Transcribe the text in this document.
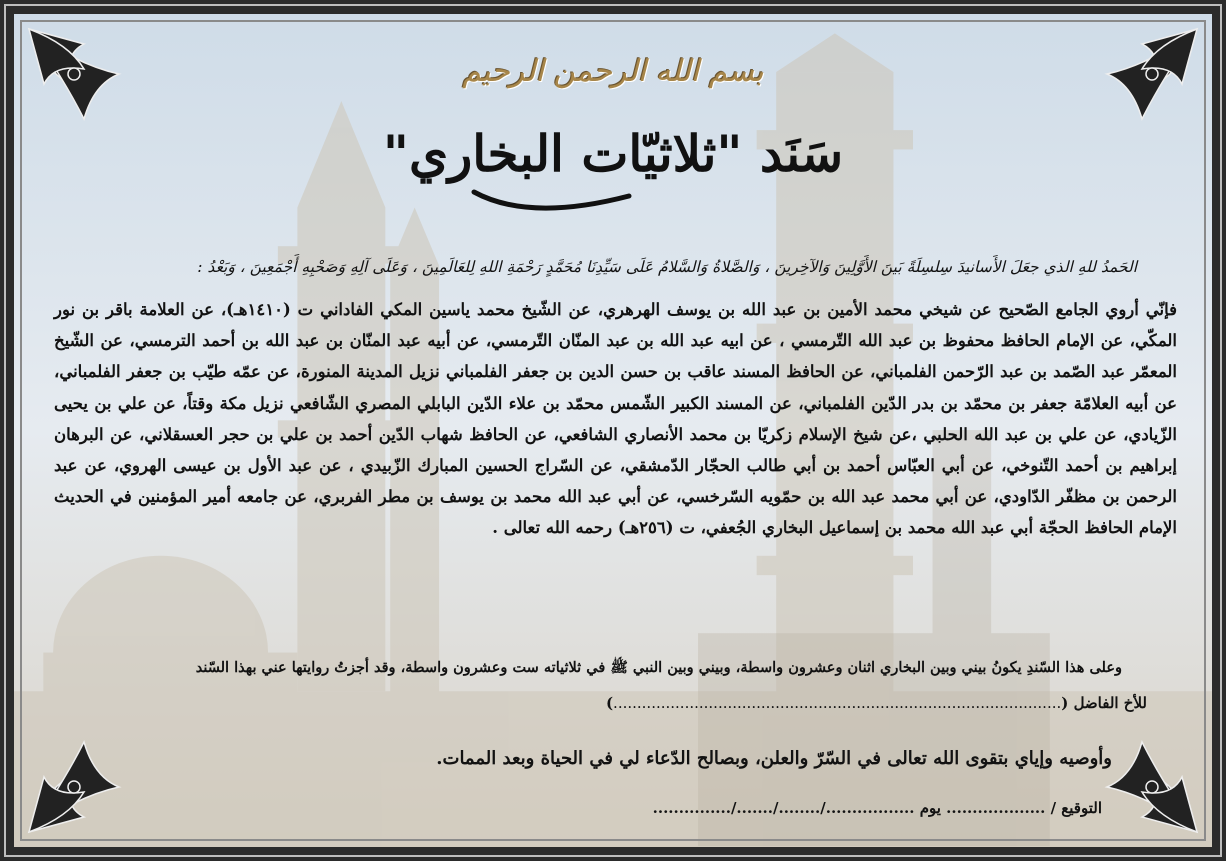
بسم الله الرحمن الرحيم
سَنَد "ثلاثيّات البخاري"
الحَمدُ للهِ الذي جعَلَ الأَسانيدَ سِلسِلَةً بَينَ الأَوَّلِينَ وَالآخِرينَ ، وَالصَّلاةُ وَالسَّلامُ عَلَى سَيِّدِنَا مُحَمَّدٍ رَحْمَةِ اللهِ لِلعَالَمِينَ ، وَعَلَى آلِهِ وَصَحْبِهِ أَجْمَعِينَ ، وَبَعْدُ :
فإنّي أروي الجامع الصّحيح عن شيخي محمد الأمين بن عبد الله بن يوسف الهرهري، عن الشّيخ محمد ياسين المكي الفاداني ت (١٤١٠هـ)، عن العلامة باقر بن نور المكّي، عن الإمام الحافظ محفوظ بن عبد الله التّرمسي ، عن ابيه عبد الله بن عبد المنّان التّرمسي، عن أبيه عبد المنّان بن عبد الله بن أحمد الترمسي، عن الشّيخ المعمّر عبد الصّمد بن عبد الرّحمن الفلمباني، عن الحافظ المسند عاقب بن حسن الدين بن جعفر الفلمباني نزيل المدينة المنورة، عن عمّه طيّب بن جعفر الفلمباني، عن أبيه العلامّة جعفر بن محمّد بن بدر الدّين الفلمباني، عن المسند الكبير الشّمس محمّد بن علاء الدّين البابلي المصري الشّافعي نزيل مكة وقتاً، عن علي بن يحيى الزّيادي، عن علي بن عبد الله الحلبي ،عن شيخ الإسلام زكريّا بن محمد الأنصاري الشافعي، عن الحافظ شهاب الدّين أحمد بن علي بن حجر العسقلاني، عن البرهان إبراهيم بن أحمد التّنوخي، عن أبي العبّاس أحمد بن أبي طالب الحجّار الدّمشقي، عن السّراج الحسين المبارك الزّبيدي ، عن عبد الأول بن عيسى الهروي، عن عبد الرحمن بن مظفّر الدّاودي، عن أبي محمد عبد الله بن حمّويه السّرخسي، عن أبي عبد الله محمد بن يوسف بن مطر الفربري، عن جامعه أمير المؤمنين في الحديث الإمام الحافظ الحجّة أبي عبد الله محمد بن إسماعيل البخاري الجُعفي، ت (٢٥٦هـ) رحمه الله تعالى .
وعلى هذا السّندِ يكونُ بيني وبين البخاري اثنان وعشرون واسطة، وبيني وبين النبي ﷺ في ثلاثياته ست وعشرون واسطة، وقد أجزتُ روايتها عني بهذا السّند
للأخ الفاضل (..............................................................................................)
وأوصيه وإياي بتقوى الله تعالى في السّرّ والعلن، وبصالح الدّعاء لي في الحياة وبعد الممات.
التوقيع / ................... يوم ................./......../......./...............
